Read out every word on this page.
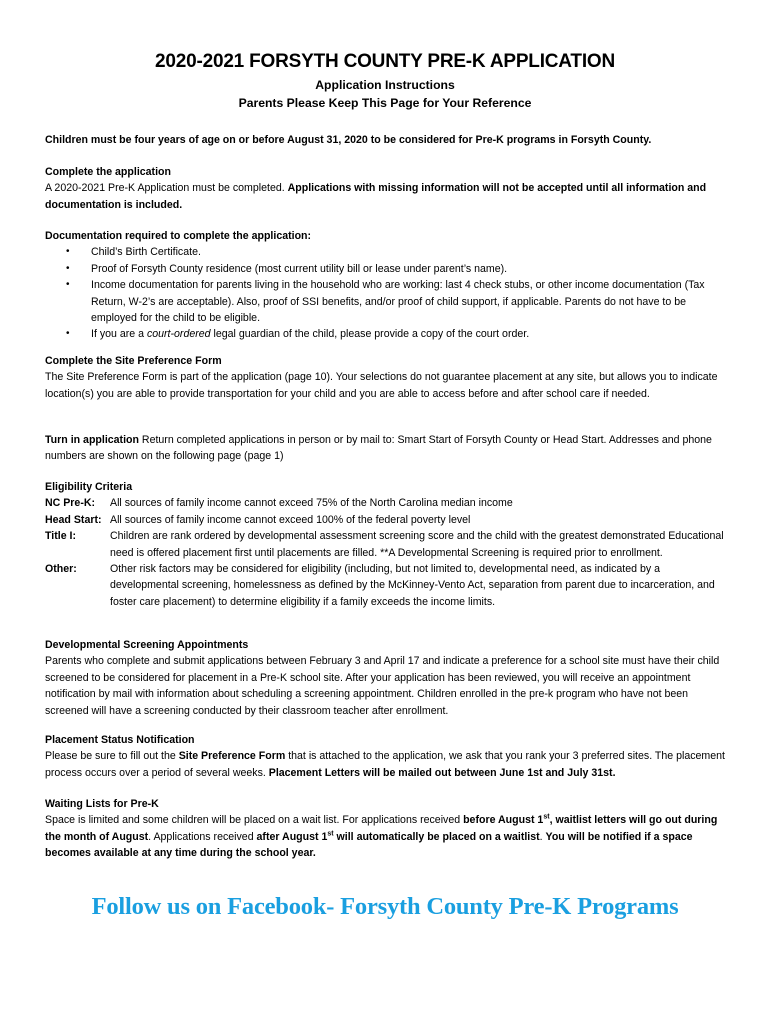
2020-2021 FORSYTH COUNTY PRE-K APPLICATION
Application Instructions
Parents Please Keep This Page for Your Reference
Children must be four years of age on or before August 31, 2020 to be considered for Pre-K programs in Forsyth County.
Complete the application
A 2020-2021 Pre-K Application must be completed. Applications with missing information will not be accepted until all information and documentation is included.
Documentation required to complete the application:
• Child’s Birth Certificate.
• Proof of Forsyth County residence (most current utility bill or lease under parent’s name).
• Income documentation for parents living in the household who are working: last 4 check stubs, or other income documentation (Tax Return, W-2’s are acceptable). Also, proof of SSI benefits, and/or proof of child support, if applicable. Parents do not have to be employed for the child to be eligible.
• If you are a court-ordered legal guardian of the child, please provide a copy of the court order.
Complete the Site Preference Form
The Site Preference Form is part of the application (page 10). Your selections do not guarantee placement at any site, but allows you to indicate location(s) you are able to provide transportation for your child and you are able to access before and after school care if needed.
Turn in application Return completed applications in person or by mail to: Smart Start of Forsyth County or Head Start. Addresses and phone numbers are shown on the following page (page 1)
Eligibility Criteria
NC Pre-K: All sources of family income cannot exceed 75% of the North Carolina median income
Head Start: All sources of family income cannot exceed 100% of the federal poverty level
Title I:	Children are rank ordered by developmental assessment screening score and the child with the greatest demonstrated Educational need is offered placement first until placements are filled. **A Developmental Screening is required prior to enrollment.
Other:	Other risk factors may be considered for eligibility (including, but not limited to, developmental need, as indicated by a developmental screening, homelessness as defined by the McKinney-Vento Act, separation from parent due to incarceration, and foster care placement) to determine eligibility if a family exceeds the income limits.
Developmental Screening Appointments
Parents who complete and submit applications between February 3 and April 17 and indicate a preference for a school site must have their child screened to be considered for placement in a Pre-K school site. After your application has been reviewed, you will receive an appointment notification by mail with information about scheduling a screening appointment. Children enrolled in the pre-k program who have not been screened will have a screening conducted by their classroom teacher after enrollment.
Placement Status Notification
Please be sure to fill out the Site Preference Form that is attached to the application, we ask that you rank your 3 preferred sites. The placement process occurs over a period of several weeks. Placement Letters will be mailed out between June 1st and July 31st.
Waiting Lists for Pre-K
Space is limited and some children will be placed on a wait list. For applications received before August 1st, waitlist letters will go out during the month of August. Applications received after August 1st will automatically be placed on a waitlist. You will be notified if a space becomes available at any time during the school year.
Follow us on Facebook- Forsyth County Pre-K Programs
